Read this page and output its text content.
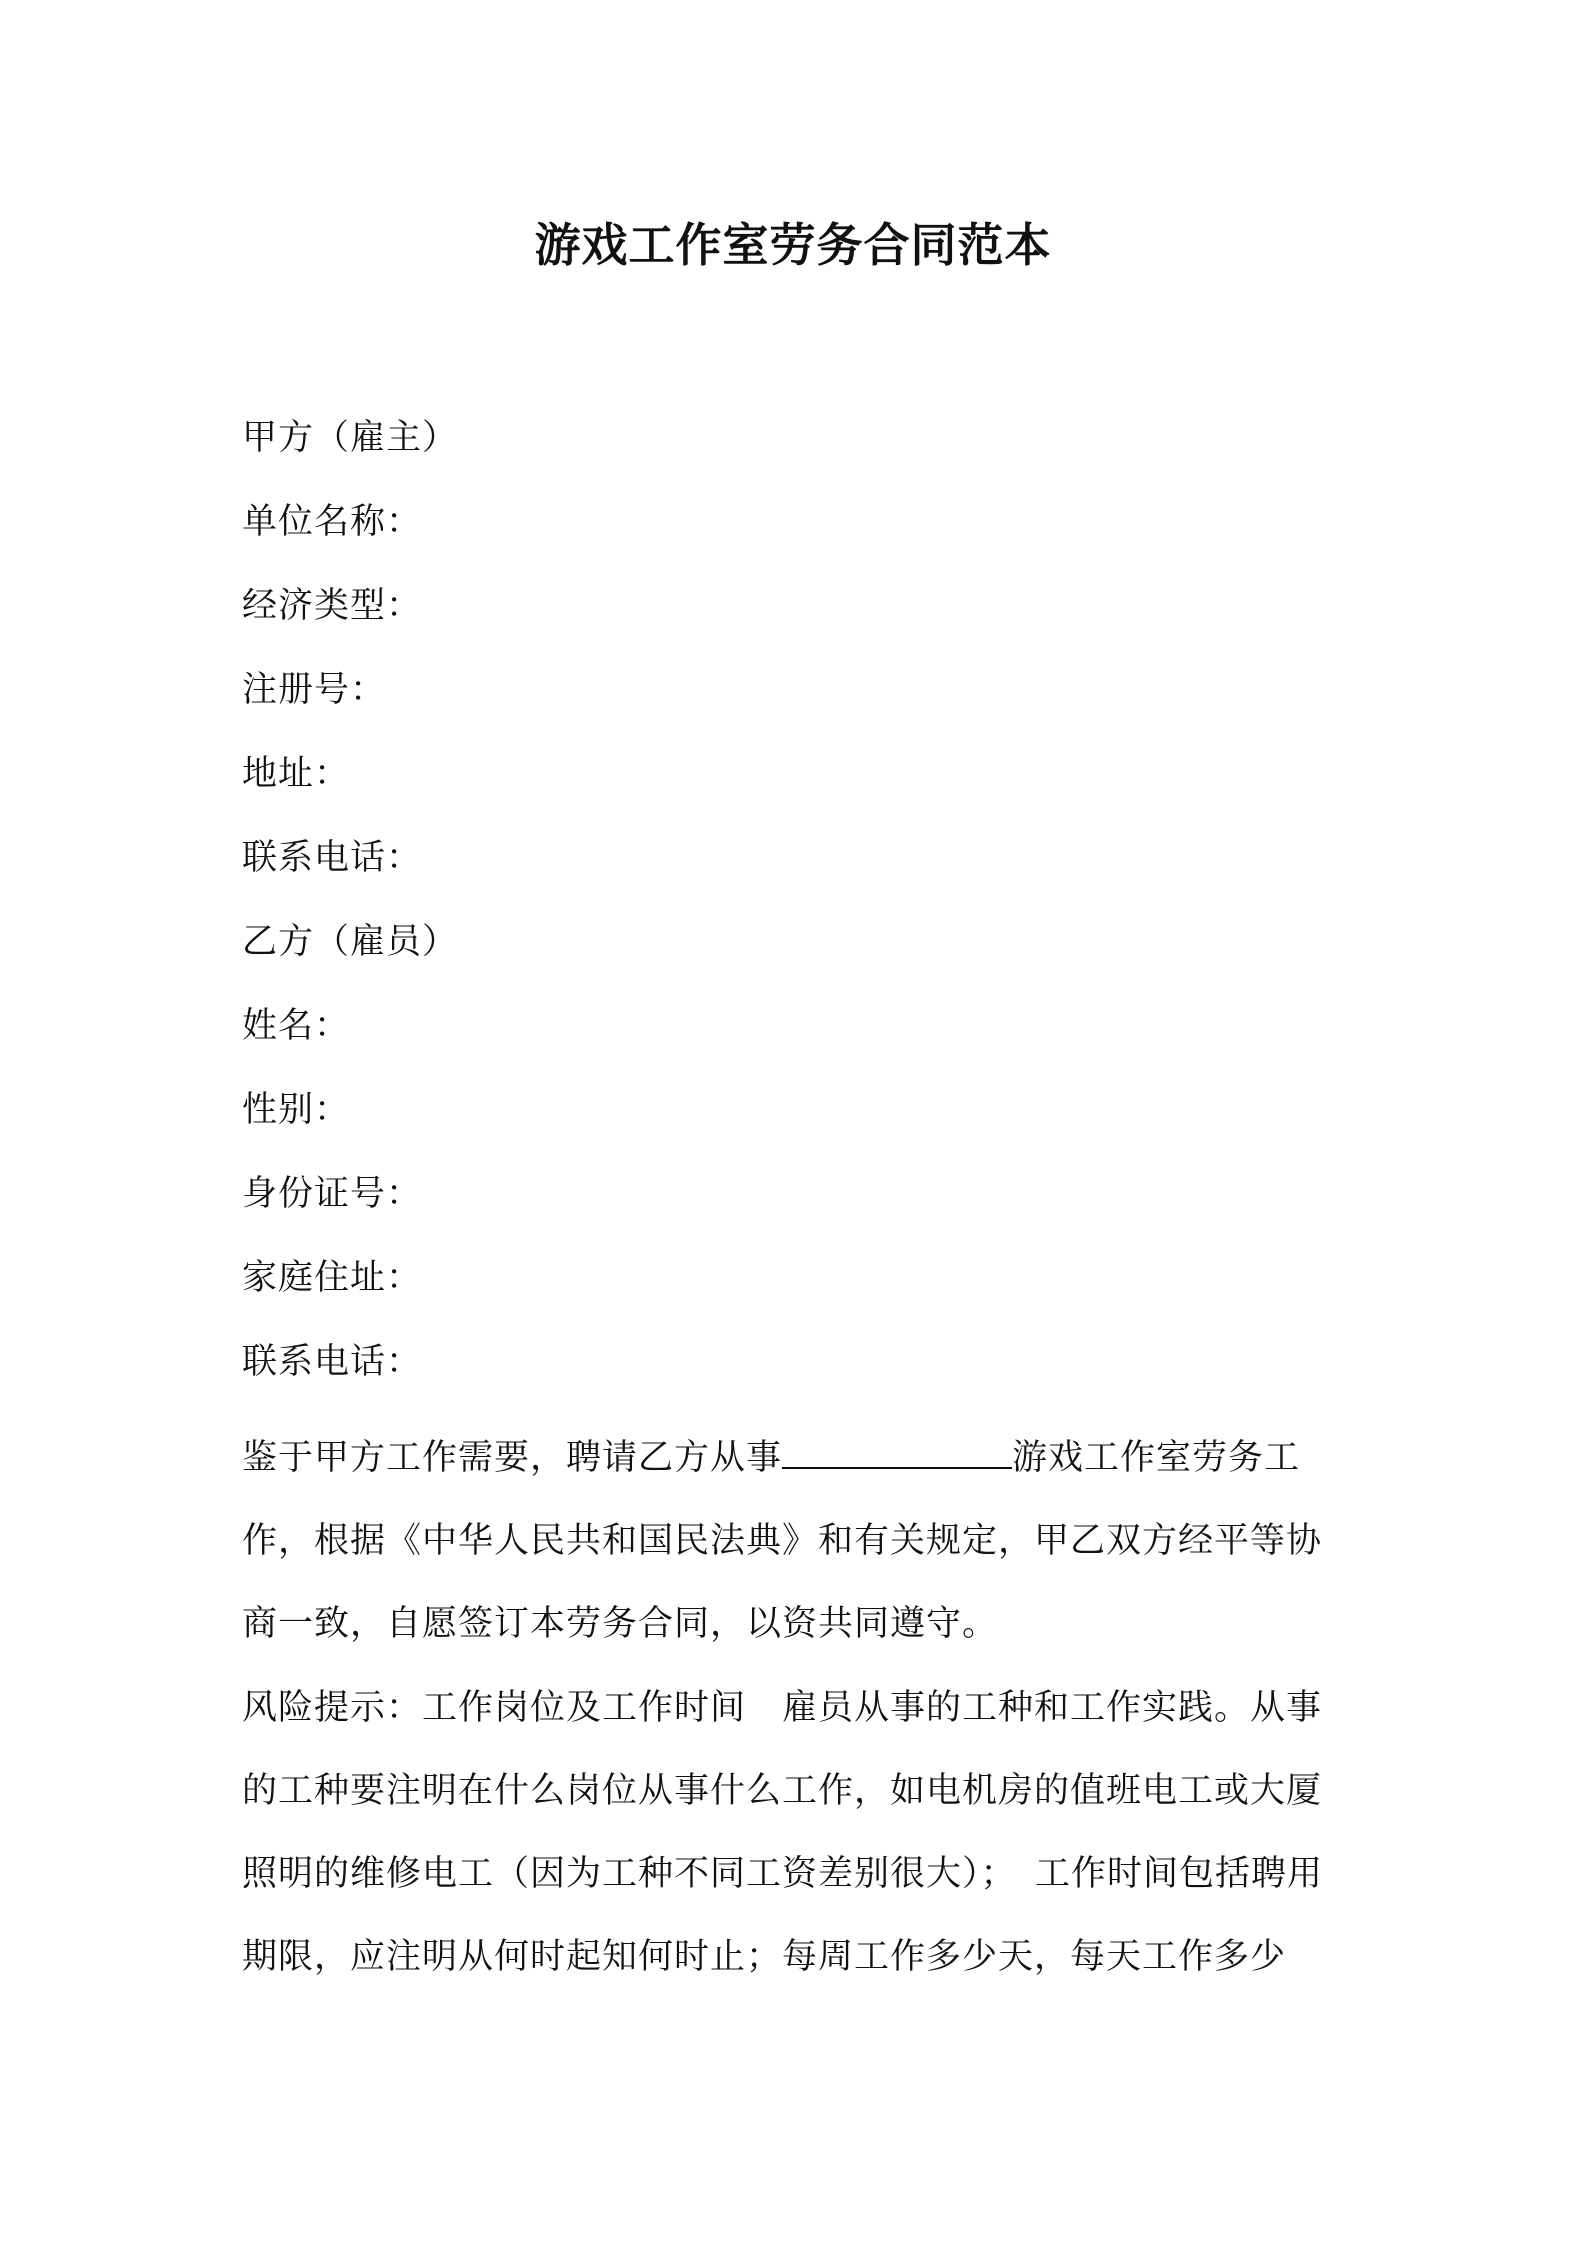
游戏工作室劳务合同范本
甲方（雇主）
单位名称：
经济类型：
注册号：
地址：
联系电话：
乙方（雇员）
姓名：
性别：
身份证号：
家庭住址：
联系电话：

鉴于甲方工作需要，聘请乙方从事	游戏工作室劳务工作，根据《中华人民共和国民法典》和有关规定，甲乙双方经平等协商一致，自愿签订本劳务合同，以资共同遵守。

风险提示：工作岗位及工作时间　雇员从事的工种和工作实践。从事的工种要注明在什么岗位从事什么工作，如电机房的值班电工或大厦照明的维修电工（因为工种不同工资差别很大）；　工作时间包括聘用期限，应注明从何时起知何时止；每周工作多少天，每天工作多少
